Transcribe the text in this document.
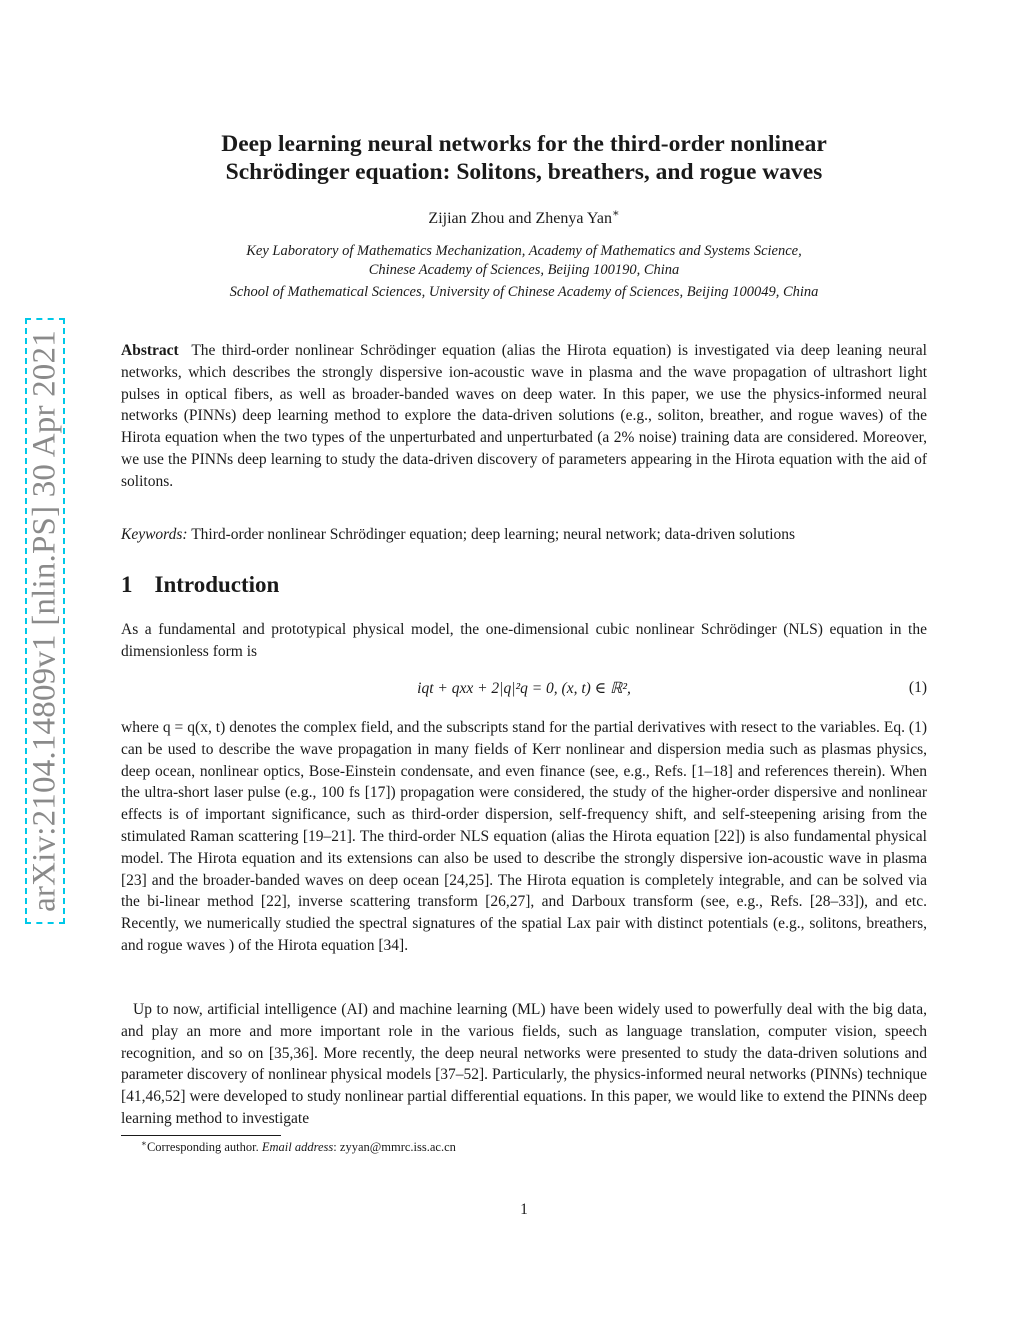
arXiv:2104.14809v1 [nlin.PS] 30 Apr 2021
Deep learning neural networks for the third-order nonlinear
Schrödinger equation: Solitons, breathers, and rogue waves
Zijian Zhou and Zhenya Yan∗
Key Laboratory of Mathematics Mechanization, Academy of Mathematics and Systems Science,
Chinese Academy of Sciences, Beijing 100190, China
School of Mathematical Sciences, University of Chinese Academy of Sciences, Beijing 100049, China
Abstract The third-order nonlinear Schrödinger equation (alias the Hirota equation) is investigated via deep leaning neural networks, which describes the strongly dispersive ion-acoustic wave in plasma and the wave propagation of ultrashort light pulses in optical fibers, as well as broader-banded waves on deep water. In this paper, we use the physics-informed neural networks (PINNs) deep learning method to explore the data-driven solutions (e.g., soliton, breather, and rogue waves) of the Hirota equation when the two types of the unperturbated and unperturbated (a 2% noise) training data are considered. Moreover, we use the PINNs deep learning to study the data-driven discovery of parameters appearing in the Hirota equation with the aid of solitons.
Keywords: Third-order nonlinear Schrödinger equation; deep learning; neural network; data-driven solutions
1 Introduction
As a fundamental and prototypical physical model, the one-dimensional cubic nonlinear Schrödinger (NLS) equation in the dimensionless form is
iqt + qxx + 2|q|²q = 0, (x, t) ∈ ℝ²,	(1)
where q = q(x, t) denotes the complex field, and the subscripts stand for the partial derivatives with resect to the variables. Eq. (1) can be used to describe the wave propagation in many fields of Kerr nonlinear and dispersion media such as plasmas physics, deep ocean, nonlinear optics, Bose-Einstein condensate, and even finance (see, e.g., Refs. [1–18] and references therein). When the ultra-short laser pulse (e.g., 100 fs [17]) propagation were considered, the study of the higher-order dispersive and nonlinear effects is of important significance, such as third-order dispersion, self-frequency shift, and self-steepening arising from the stimulated Raman scattering [19–21]. The third-order NLS equation (alias the Hirota equation [22]) is also fundamental physical model. The Hirota equation and its extensions can also be used to describe the strongly dispersive ion-acoustic wave in plasma [23] and the broader-banded waves on deep ocean [24,25]. The Hirota equation is completely integrable, and can be solved via the bi-linear method [22], inverse scattering transform [26,27], and Darboux transform (see, e.g., Refs. [28–33]), and etc. Recently, we numerically studied the spectral signatures of the spatial Lax pair with distinct potentials (e.g., solitons, breathers, and rogue waves ) of the Hirota equation [34].
Up to now, artificial intelligence (AI) and machine learning (ML) have been widely used to powerfully deal with the big data, and play an more and more important role in the various fields, such as language translation, computer vision, speech recognition, and so on [35,36]. More recently, the deep neural networks were presented to study the data-driven solutions and parameter discovery of nonlinear physical models [37–52]. Particularly, the physics-informed neural networks (PINNs) technique [41,46,52] were developed to study nonlinear partial differential equations. In this paper, we would like to extend the PINNs deep learning method to investigate
∗Corresponding author. Email address: zyyan@mmrc.iss.ac.cn
1
